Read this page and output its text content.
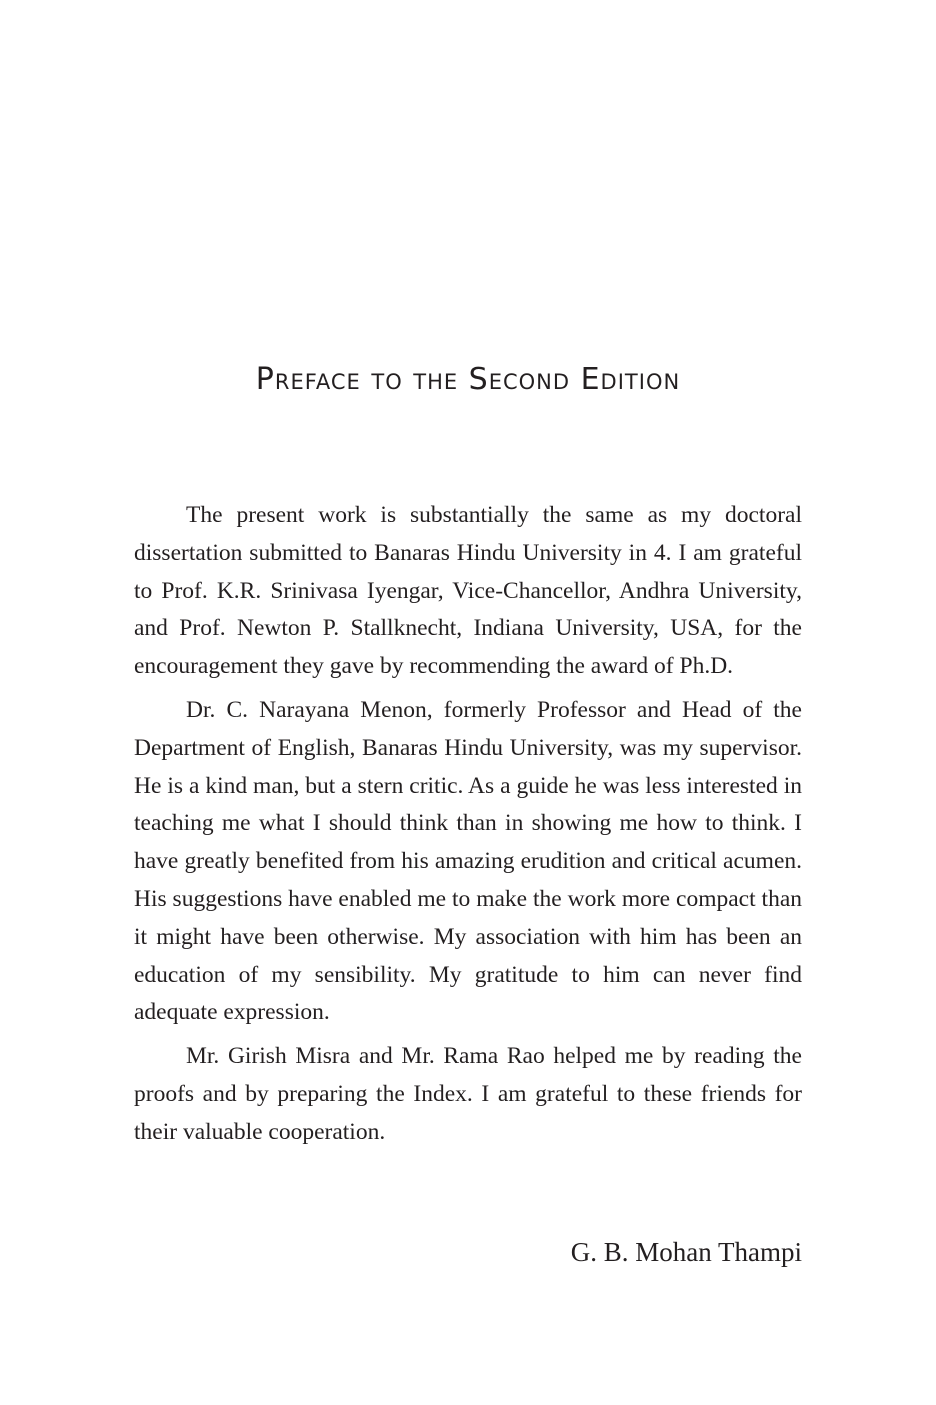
Preface to the Second Edition

The present work is substantially the same as my doctoral dissertation submitted to Banaras Hindu University in 4. I am grateful to Prof. K.R. Srinivasa Iyengar, Vice-Chancellor, Andhra University, and Prof. Newton P. Stallknecht, Indiana University, USA, for the encouragement they gave by recommending the award of Ph.D.

Dr. C. Narayana Menon, formerly Professor and Head of the Department of English, Banaras Hindu University, was my supervisor. He is a kind man, but a stern critic. As a guide he was less interested in teaching me what I should think than in showing me how to think. I have greatly benefited from his amazing erudition and critical acumen. His suggestions have enabled me to make the work more compact than it might have been otherwise. My association with him has been an education of my sensibility. My gratitude to him can never find adequate expression.

Mr. Girish Misra and Mr. Rama Rao helped me by reading the proofs and by preparing the Index. I am grateful to these friends for their valuable cooperation.

G. B. Mohan Thampi
